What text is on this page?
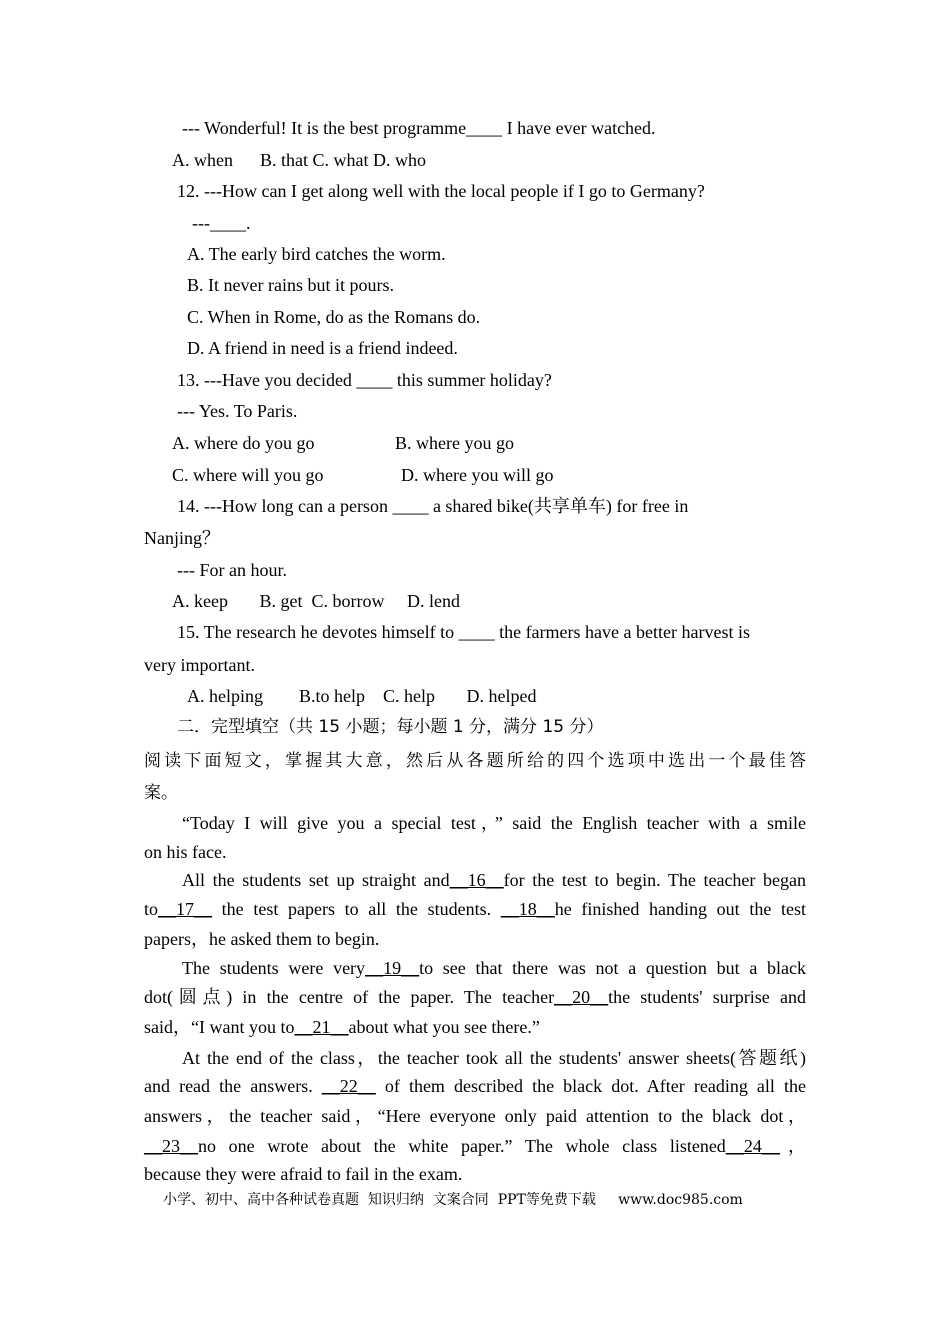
--- Wonderful! It is the best programme____ I have ever watched.
A. when      B. that C. what D. who
12. ---How can I get along well with the local people if I go to Germany?
---____.
A. The early bird catches the worm.
B. It never rains but it pours.
C. When in Rome, do as the Romans do.
D. A friend in need is a friend indeed.
13. ---Have you decided ____ this summer holiday?
--- Yes. To Paris.
A. where do you go	B. where you go
C. where will you go	D. where you will go
14. ---How long can a person ____ a shared bike(共享单车) for free in
Nanjing？
--- For an hour.
A. keep       B. get  C. borrow     D. lend
15. The research he devotes himself to ____ the farmers have a better harvest is
very important.
A. helping        B.to help    C. help       D. helped
二．完型填空（共 15 小题；每小题 1 分，满分 15 分）
阅读下面短文，掌握其大意，然后从各题所给的四个选项中选出一个最佳答
案。
“Today I will give you a special test，” said the English teacher with a smile
on his face.
All the students set up straight and__16__for the test to begin. The teacher began
to__17__ the test papers to all the students. __18__he finished handing out the test
papers，he asked them to begin.
The students were very__19__to see that there was not a question but a black
dot(圆点) in the centre of the paper. The teacher__20__the students' surprise and
said，“I want you to__21__about what you see there.”
At the end of the class，the teacher took all the students' answer sheets(答题纸)
and read the answers. __22__ of them described the black dot. After reading all the
answers，the teacher said，“Here everyone only paid attention to the black dot，
__23__no one wrote about the white paper.” The whole class listened__24__，
because they were afraid to fail in the exam.
小学、初中、高中各种试卷真题  知识归纳  文案合同  PPT等免费下载     www.doc985.com
